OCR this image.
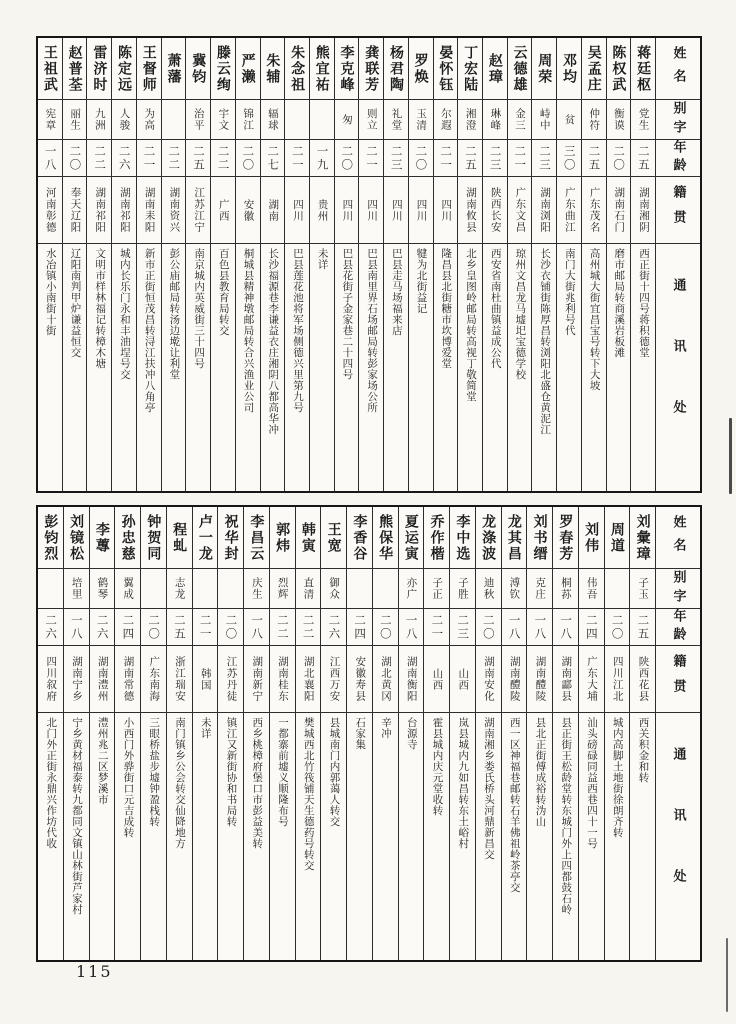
姓名
别字
年龄
籍贯
通讯处
蒋廷枢
党生
二五
湖南湘阴
西正街十四号蒋积德堂
陈权武
衡谟
二〇
湖南石门
磨市邮局转商溪岩板滩
吴孟庄
仲符
二五
广东茂名
高州城大街宜昌宝号转下大坡
邓均
贫
三〇
广东曲江
南门大街兆利号代
周荣
峙中
二三
湖南浏阳
长沙衣铺街陈厚昌转浏阳北盛仓黄泥江
云德雄
金三
二一
广东文昌
琼州文昌龙马墟圯宝德学校
赵璋
琳峰
二三
陕西长安
西安省南杜曲镇益成公代
丁宏陆
湘澄
二五
湖南攸县
北乡皇图岭邮局转高视丁敬简堂
晏怀钰
尔遐
二一
四川
隆昌县北街糖市坎博爱堂
罗焕
玉清
二〇
四川
犍为北街益记
杨君陶
礼堂
二三
四川
巴县走马场福来店
龚联芳
则立
二一
四川
巴县南里界石场邮局转彭家场公所
李克峰
匆
二〇
四川
巴县花街子金家巷二十四号
熊宜祐
一九
贵州
未详
朱念祖
二一
四川
巴县莲花池将军场侧德兴里第九号
朱辅
辐球
二七
湖南
长沙福源巷李谦益衣庄湘阴八都高华冲
严濑
锦江
二〇
安徽
桐城县精神墩邮局转合兴渔业公司
滕云绚
宇文
二二
广西
百色县教育局转交
冀钧
治平
二五
江苏江宁
南京城内英威街三十四号
萧藩
二二
湖南资兴
彭公庙邮局转汤边墘让利堂
王督师
为高
二一
湖南耒阳
新市正街恒茂昌转浔江扶冲八角亭
陈定远
人骏
二六
湖南祁阳
城内长乐门永和丰油埕号交
雷济时
九洲
二二
湖南祁阳
文明市样林福记转樟木塘
赵普荃
丽生
二〇
奉天辽阳
辽阳南判甲炉谦益恒交
王祖武
宪章
一八
河南彰德
水冶镇小南街十街
姓名
别字
年龄
籍贯
通讯处
刘彙璋
子玉
二五
陕西花县
西关积金和转
周道
二〇
四川江北
城内高脚土地街徐朗齐转
刘伟
伟吾
二四
广东大埔
汕头磅碌同益西巷四十一号
罗春芳
桐荪
一八
湖南酃县
县正街王松龄堂转东城门外上四都鼓石岭
刘书缙
克庄
一八
湖南醴陵
县北正街傅成裕转沩山
龙其昌
溥钦
一八
湖南醴陵
西一区神福巷邮转石羊佛祖岭茶亭交
龙涤波
迪秋
二〇
湖南安化
湖南湘乡娄氏桥头河鼎新昌交
李中选
子胜
二三
山西
岚县城内九如昌转东土峪村
乔作楷
子正
二一
山西
霍县城内庆元堂收转
夏运寅
亦广
一八
湖南衡阳
台源寺
熊保华
二〇
湖北黄冈
辛冲
李香谷
二四
安徽寿县
石家集
王宽
御众
二六
江西万安
县城南门内郭蔼人转交
韩寅
直清
二二
湖北襄阳
樊城西北竹筏铺天生德药号转交
郭炜
烈辉
二二
湖南桂东
一都寨前墟义顺隆布号
李昌云
庆生
一八
湖南新宁
西乡桃樟府堡口市彭益美转
祝华封
二〇
江苏丹徒
镇江又新街协和书局转
卢一龙
二一
韩国
未详
程虬
志龙
二五
浙江瑞安
南门镇乡公会转交仙降地方
钟贺同
二〇
广东南海
三眼桥盐步墟钟盈栈转
孙忠慈
翼成
二四
湖南常德
小西门外骅街口元吉成转
李蓴
鹤琴
二六
湖南澧州
澧州兆二区梦溪市
刘镜松
培里
一八
湖南宁乡
宁乡黄材福泰转九都同文镇山林街芦家村
彭钧烈
二六
四川叙府
北门外正街永鼎兴作坊代收
115
